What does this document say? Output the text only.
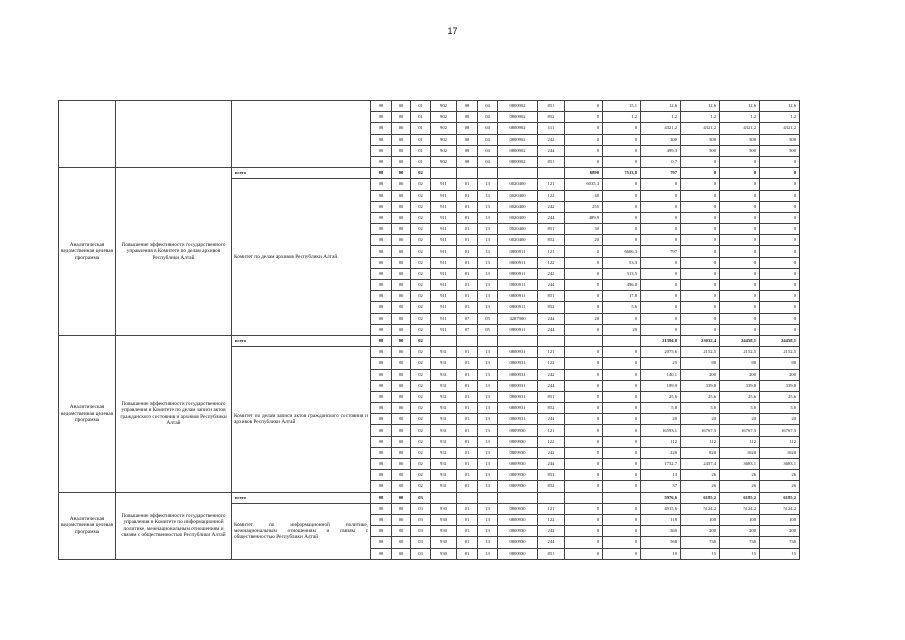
17
			08	00	01	902	08	04	0800902	851	0	15,1	12,6	12,6	12,6	12,6
			08	00	01	902	08	04	0800902	852	0	1,2	1,2	1,2	1,2	1,2
			08	00	01	902	08	04	0800902	111	0	0	4321,2	4321,2	4321,2	4321,2
			08	00	01	902	08	04	0800902	242	0	0	300	300	300	300
			08	00	01	902	08	04	0800902	244	0	0	499,3	500	500	500
			08	00	01	902	08	04	0800902	851	0	0	0,7	0	0	0
Аналитическая ведомственная целевая программа	Повышение эффективности государственного управления в Комитете по делам архивов Республики Алтай	всего	08	00	02						6890	7513,8	797	0	0	0
		Комитет по делам архивов Республики Алтай	08	00	02	911	01	13	0020400	121	6035,3	0	0	0	0	0
			08	00	02	911	01	13	0020400	122	40	0	0	0	0	0
			08	00	02	911	01	13	0020400	242	255	0	0	0	0	0
			08	00	02	911	01	13	0020400	244	489,9	0	0	0	0	0
			08	00	02	911	01	13	0020400	851	30	0	0	0	0	0
			08	00	02	911	01	13	0020400	852	20	0	0	0	0	0
			08	00	02	911	01	13	0800911	121	0	6606,3	797	0	0	0
			08	00	02	911	01	13	0800911	122	0	53,3	0	0	0	0
			08	00	02	911	01	13	0800911	242	0	313,5	0	0	0	0
			08	00	02	911	01	13	0800911	244	0	496,8	0	0	0	0
			08	00	02	911	01	13	0800911	851	0	17,8	0	0	0	0
			08	00	02	911	01	13	0800911	852	0	5,6	0	0	0	0
			08	00	02	911	07	05	4287900	244	20	0	0	0	0	0
			08	00	02	911	07	05	0800911	244	0	20	0	0	0	0
Аналитическая ведомственная целевая программа	Повышение эффективности государственного управления в Комитете по делам записи актов гражданского состояния и архивов Республики Алтай	всего	08	00	02								21394,8	23032,4	24458,1	24458,1
		Комитет по делам записи актов гражданского состояния и архивов Республики Алтай	08	00	02	931	01	13	0800931	121	0	0	2075,6	2152,5	2152,5	2152,5
			08	00	02	931	01	13	0800931	122	0	0	25	80	80	80
			08	00	02	931	01	13	0800931	242	0	0	140,1	200	200	200
			08	00	02	931	01	13	0800931	244	0	0	189,9	339,8	339,8	339,8
			08	00	02	931	01	13	0800931	851	0	0	25,6	25,6	25,6	25,6
			08	00	02	931	01	13	0800931	852	0	0	5,8	5,8	5,8	5,8
			08	00	02	931	01	13	0800931	244	0	0	20	20	20	20
			08	00	02	931	01	13	0809930	121	0	0	16593,1	16767,3	16767,3	16767,3
			08	00	02	931	01	13	0809930	122	0	0	112	112	112	112
			08	00	02	931	01	13	0809930	242	0	0	220	820	1020	1020
			08	00	02	931	01	13	0809930	244	0	0	1732,7	2457,4	3683,1	3683,1
			08	00	02	931	01	13	0809930	851	0	0	13	26	26	26
			08	00	02	931	01	13	0809930	852	0	0	37	26	26	26
Аналитическая ведомственная целевая программа	Повышение эффективности государственного управления в Комитете по информационной политике, межнациональным отношениям и связям с общественностью Республики Алтай	всего	08	00	03								5976,6	6185,2	6185,2	6185,2
		Комитет по информационной политике, межнациональным отношениям и связям с общественностью Республики Алтай	08	00	03	930	01	13	0800930	121	0	0	4915,6	5124,2	5124,2	5124,2
			08	00	03	930	01	13	0800930	122	0	0	118	100	100	100
			08	00	03	930	01	13	0800930	242	0	0	360	200	200	200
			08	00	03	930	01	13	0800930	244	0	0	568	736	736	736
			08	00	03	930	01	13	0800930	851	0	0	10	15	15	15
